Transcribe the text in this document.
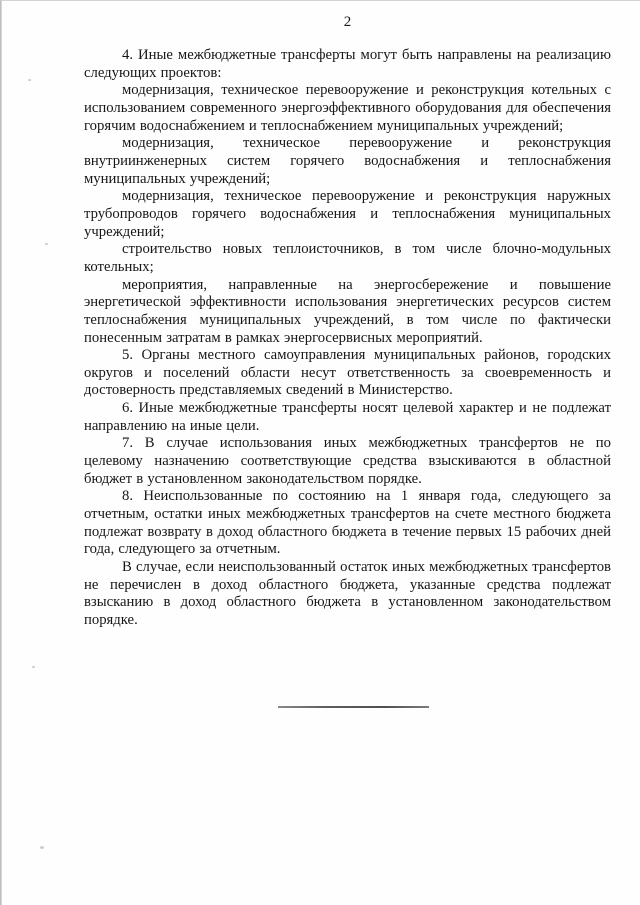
2

4. Иные межбюджетные трансферты могут быть направлены на реализацию следующих проектов:

модернизация, техническое перевооружение и реконструкция котельных с использованием современного энергоэффективного оборудования для обеспечения горячим водоснабжением и теплоснабжением муниципальных учреждений;

модернизация, техническое перевооружение и реконструкция внутриинженерных систем горячего водоснабжения и теплоснабжения муниципальных учреждений;

модернизация, техническое перевооружение и реконструкция наружных трубопроводов горячего водоснабжения и теплоснабжения муниципальных учреждений;

строительство новых теплоисточников, в том числе блочно-модульных котельных;

мероприятия, направленные на энергосбережение и повышение энергетической эффективности использования энергетических ресурсов систем теплоснабжения муниципальных учреждений, в том числе по фактически понесенным затратам в рамках энергосервисных мероприятий.

5. Органы местного самоуправления муниципальных районов, городских округов и поселений области несут ответственность за своевременность и достоверность представляемых сведений в Министерство.

6. Иные межбюджетные трансферты носят целевой характер и не подлежат направлению на иные цели.

7. В случае использования иных межбюджетных трансфертов не по целевому назначению соответствующие средства взыскиваются в областной бюджет в установленном законодательством порядке.

8. Неиспользованные по состоянию на 1 января года, следующего за отчетным, остатки иных межбюджетных трансфертов на счете местного бюджета подлежат возврату в доход областного бюджета в течение первых 15 рабочих дней года, следующего за отчетным.

В случае, если неиспользованный остаток иных межбюджетных трансфертов не перечислен в доход областного бюджета, указанные средства подлежат взысканию в доход областного бюджета в установленном законодательством порядке.
